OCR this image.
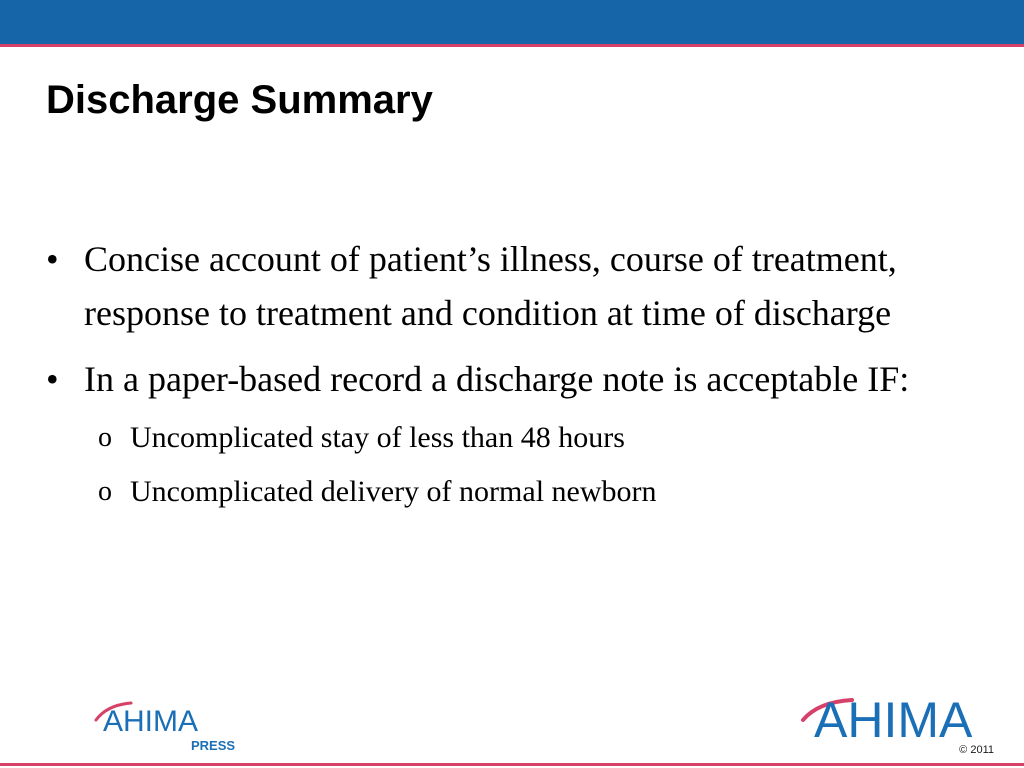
Discharge Summary
• Concise account of patient’s illness, course of treatment, response to treatment and condition at time of discharge
• In a paper-based record a discharge note is acceptable IF:
o Uncomplicated stay of less than 48 hours
o Uncomplicated delivery of normal newborn
AHIMA
PRESS	AHIMA
© 2011
